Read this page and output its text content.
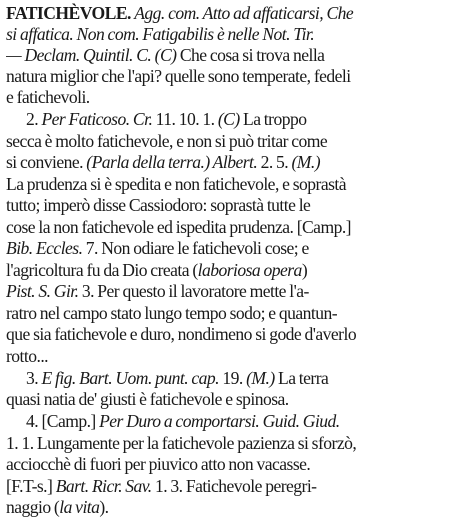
FATICHÈVOLE. Agg. com. Atto ad affaticarsi, Che
si affatica. Non com. Fatigabilis è nelle Not. Tir.
— Declam. Quintil. C. (C) Che cosa si trova nella
natura miglior che l'api? quelle sono temperate, fedeli
e fatichevoli.
2. Per Faticoso. Cr. 11. 10. 1. (C) La troppo
secca è molto fatichevole, e non si può tritar come
si conviene. (Parla della terra.) Albert. 2. 5. (M.)
La prudenza si è spedita e non fatichevole, e soprastà
tutto; imperò disse Cassiodoro: soprastà tutte le
cose la non fatichevole ed ispedita prudenza. [Camp.]
Bib. Eccles. 7. Non odiare le fatichevoli cose; e
l'agricoltura fu da Dio creata (laboriosa opera)
Pist. S. Gir. 3. Per questo il lavoratore mette l'a-
ratro nel campo stato lungo tempo sodo; e quantun-
que sia fatichevole e duro, nondimeno si gode d'averlo
rotto...
3. E fig. Bart. Uom. punt. cap. 19. (M.) La terra
quasi natia de' giusti è fatichevole e spinosa.
4. [Camp.] Per Duro a comportarsi. Guid. Giud.
1. 1. Lungamente per la fatichevole pazienza si sforzò,
acciocchè di fuori per piuvico atto non vacasse.
[F.T-s.] Bart. Ricr. Sav. 1. 3. Fatichevole peregri-
naggio (la vita).
